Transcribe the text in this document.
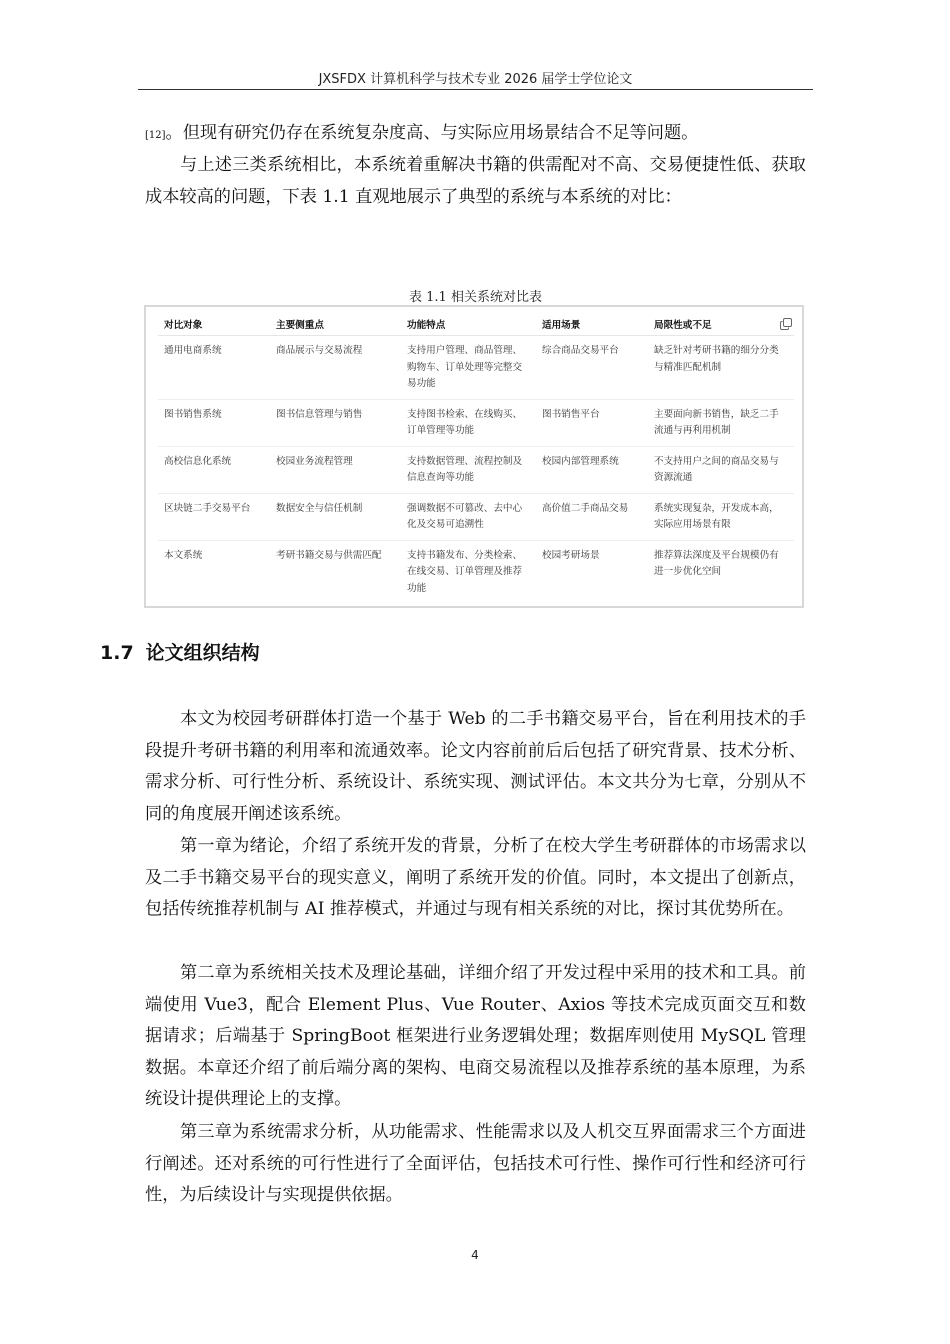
JXSFDX 计算机科学与技术专业 2026 届学士学位论文

[12]。但现有研究仍存在系统复杂度高、与实际应用场景结合不足等问题。

与上述三类系统相比，本系统着重解决书籍的供需配对不高、交易便捷性低、获取成本较高的问题，下表 1.1 直观地展示了典型的系统与本系统的对比：

表 1.1 相关系统对比表
对比对象	主要侧重点	功能特点	适用场景	局限性或不足

通用电商系统	商品展示与交易流程	支持用户管理、商品管理、购物车、订单处理等完整交易功能	综合商品交易平台	缺乏针对考研书籍的细分分类与精准匹配机制
图书销售系统	图书信息管理与销售	支持图书检索、在线购买、订单管理等功能	图书销售平台	主要面向新书销售，缺乏二手流通与再利用机制
高校信息化系统	校园业务流程管理	支持数据管理、流程控制及信息查询等功能	校园内部管理系统	不支持用户之间的商品交易与资源流通
区块链二手交易平台	数据安全与信任机制	强调数据不可篡改、去中心化及交易可追溯性	高价值二手商品交易	系统实现复杂，开发成本高，实际应用场景有限
本文系统	考研书籍交易与供需匹配	支持书籍发布、分类检索、在线交易、订单管理及推荐功能	校园考研场景	推荐算法深度及平台规模仍有进一步优化空间
1.7 论文组织结构

本文为校园考研群体打造一个基于 Web 的二手书籍交易平台，旨在利用技术的手段提升考研书籍的利用率和流通效率。论文内容前前后后包括了研究背景、技术分析、需求分析、可行性分析、系统设计、系统实现、测试评估。本文共分为七章，分别从不同的角度展开阐述该系统。

第一章为绪论，介绍了系统开发的背景，分析了在校大学生考研群体的市场需求以及二手书籍交易平台的现实意义，阐明了系统开发的价值。同时，本文提出了创新点，包括传统推荐机制与 AI 推荐模式，并通过与现有相关系统的对比，探讨其优势所在。

第二章为系统相关技术及理论基础，详细介绍了开发过程中采用的技术和工具。前端使用 Vue3，配合 Element Plus、Vue Router、Axios 等技术完成页面交互和数据请求；后端基于 SpringBoot 框架进行业务逻辑处理；数据库则使用 MySQL 管理数据。本章还介绍了前后端分离的架构、电商交易流程以及推荐系统的基本原理，为系统设计提供理论上的支撑。

第三章为系统需求分析，从功能需求、性能需求以及人机交互界面需求三个方面进行阐述。还对系统的可行性进行了全面评估，包括技术可行性、操作可行性和经济可行性，为后续设计与实现提供依据。

4
